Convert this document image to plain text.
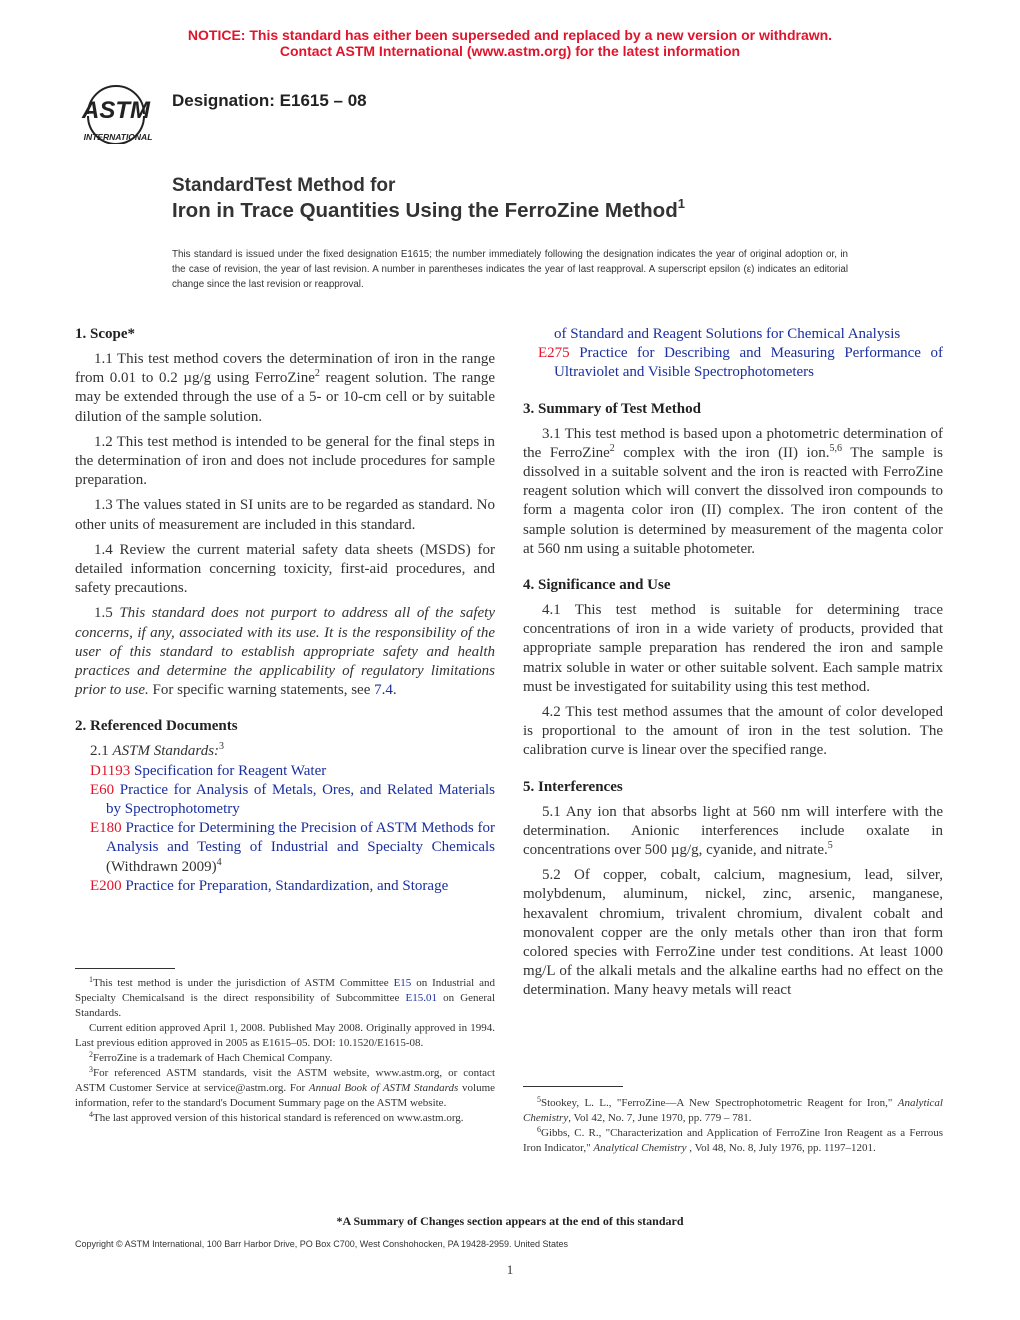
NOTICE: This standard has either been superseded and replaced by a new version or withdrawn.
Contact ASTM International (www.astm.org) for the latest information
ASTM
INTERNATIONAL
Designation: E1615 – 08
StandardTest Method for
Iron in Trace Quantities Using the FerroZine Method$^1$
This standard is issued under the fixed designation E1615; the number immediately following the designation indicates the year of original adoption or, in the case of revision, the year of last revision. A number in parentheses indicates the year of last reapproval. A superscript epsilon (ε) indicates an editorial change since the last revision or reapproval.
1. Scope*

1.1 This test method covers the determination of iron in the range from 0.01 to 0.2 µg/g using FerroZine$^2$ reagent solution. The range may be extended through the use of a 5- or 10-cm cell or by suitable dilution of the sample solution.

1.2 This test method is intended to be general for the final steps in the determination of iron and does not include procedures for sample preparation.

1.3 The values stated in SI units are to be regarded as standard. No other units of measurement are included in this standard.

1.4 Review the current material safety data sheets (MSDS) for detailed information concerning toxicity, first-aid procedures, and safety precautions.

1.5 This standard does not purport to address all of the safety concerns, if any, associated with its use. It is the responsibility of the user of this standard to establish appropriate safety and health practices and determine the applicability of regulatory limitations prior to use. For specific warning statements, see 7.4.

2. Referenced Documents

2.1 ASTM Standards:$^3$

D1193 Specification for Reagent Water

E60 Practice for Analysis of Metals, Ores, and Related Materials by Spectrophotometry

E180 Practice for Determining the Precision of ASTM Methods for Analysis and Testing of Industrial and Specialty Chemicals (Withdrawn 2009)$^4$

E200 Practice for Preparation, Standardization, and Storage

$^1$This test method is under the jurisdiction of ASTM Committee E15 on Industrial and Specialty Chemicalsand is the direct responsibility of Subcommittee E15.01 on General Standards.
Current edition approved April 1, 2008. Published May 2008. Originally approved in 1994. Last previous edition approved in 2005 as E1615–05. DOI: 10.1520/E1615-08.
$^2$FerroZine is a trademark of Hach Chemical Company.
$^3$For referenced ASTM standards, visit the ASTM website, www.astm.org, or contact ASTM Customer Service at service@astm.org. For Annual Book of ASTM Standards volume information, refer to the standard's Document Summary page on the ASTM website.
$^4$The last approved version of this historical standard is referenced on www.astm.org.

of Standard and Reagent Solutions for Chemical Analysis

E275 Practice for Describing and Measuring Performance of Ultraviolet and Visible Spectrophotometers

3. Summary of Test Method

3.1 This test method is based upon a photometric determination of the FerroZine$^2$ complex with the iron (II) ion.$^{5,6}$ The sample is dissolved in a suitable solvent and the iron is reacted with FerroZine reagent solution which will convert the dissolved iron compounds to form a magenta color iron (II) complex. The iron content of the sample solution is determined by measurement of the magenta color at 560 nm using a suitable photometer.

4. Significance and Use

4.1 This test method is suitable for determining trace concentrations of iron in a wide variety of products, provided that appropriate sample preparation has rendered the iron and sample matrix soluble in water or other suitable solvent. Each sample matrix must be investigated for suitability using this test method.

4.2 This test method assumes that the amount of color developed is proportional to the amount of iron in the test solution. The calibration curve is linear over the specified range.

5. Interferences

5.1 Any ion that absorbs light at 560 nm will interfere with the determination. Anionic interferences include oxalate in concentrations over 500 µg/g, cyanide, and nitrate.$^5$

5.2 Of copper, cobalt, calcium, magnesium, lead, silver, molybdenum, aluminum, nickel, zinc, arsenic, manganese, hexavalent chromium, trivalent chromium, divalent cobalt and monovalent copper are the only metals other than iron that form colored species with FerroZine under test conditions. At least 1000 mg/L of the alkali metals and the alkaline earths had no effect on the determination. Many heavy metals will react

$^5$Stookey, L. L., "FerroZine—A New Spectrophotometric Reagent for Iron," Analytical Chemistry, Vol 42, No. 7, June 1970, pp. 779 – 781.
$^6$Gibbs, C. R., "Characterization and Application of FerroZine Iron Reagent as a Ferrous Iron Indicator," Analytical Chemistry , Vol 48, No. 8, July 1976, pp. 1197–1201.
*A Summary of Changes section appears at the end of this standard
Copyright © ASTM International, 100 Barr Harbor Drive, PO Box C700, West Conshohocken, PA 19428-2959. United States
1
